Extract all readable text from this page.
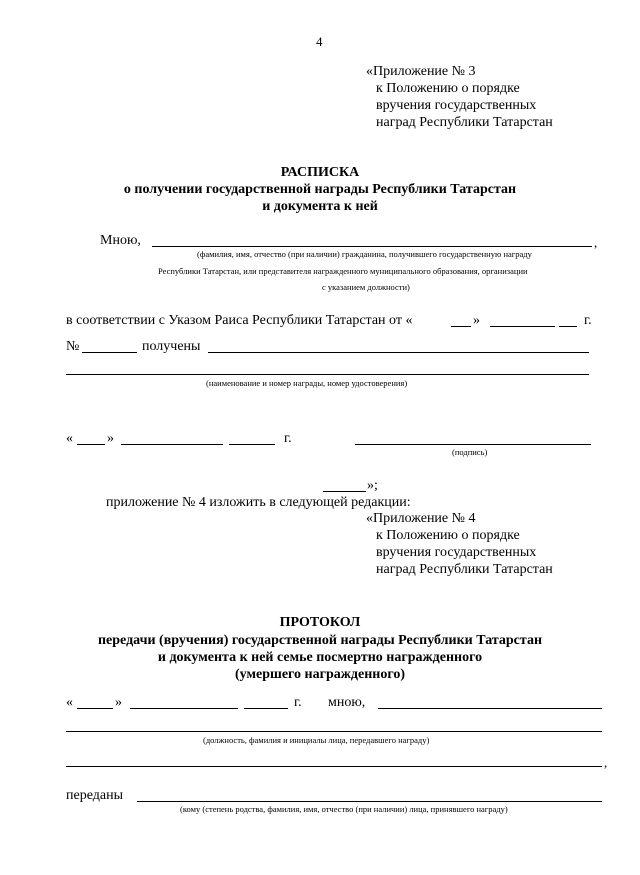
4
«Приложение № 3
к Положению о порядке
вручения государственных
наград Республики Татарстан
РАСПИСКА
о получении государственной награды Республики Татарстан
и документа к ней
Мною,	,
(фамилия, имя, отчество (при наличии) гражданина, получившего государственную награду
Республики Татарстан, или представителя награжденного муниципального образования, организации
с указанием должности)
в соответствии с Указом Раиса Республики Татарстан от «	»	г.
№	получены
(наименование и номер награды, номер удостоверения)
« »	г.
(подпись)
»;
приложение № 4 изложить в следующей редакции:
«Приложение № 4
к Положению о порядке
вручения государственных
наград Республики Татарстан
ПРОТОКОЛ
передачи (вручения) государственной награды Республики Татарстан
и документа к ней семье посмертно награжденного
(умершего награжденного)
«	»	г. мною,
(должность, фамилия и инициалы лица, передавшего награду)
,
переданы
(кому (степень родства, фамилия, имя, отчество (при наличии) лица, принявшего награду)
